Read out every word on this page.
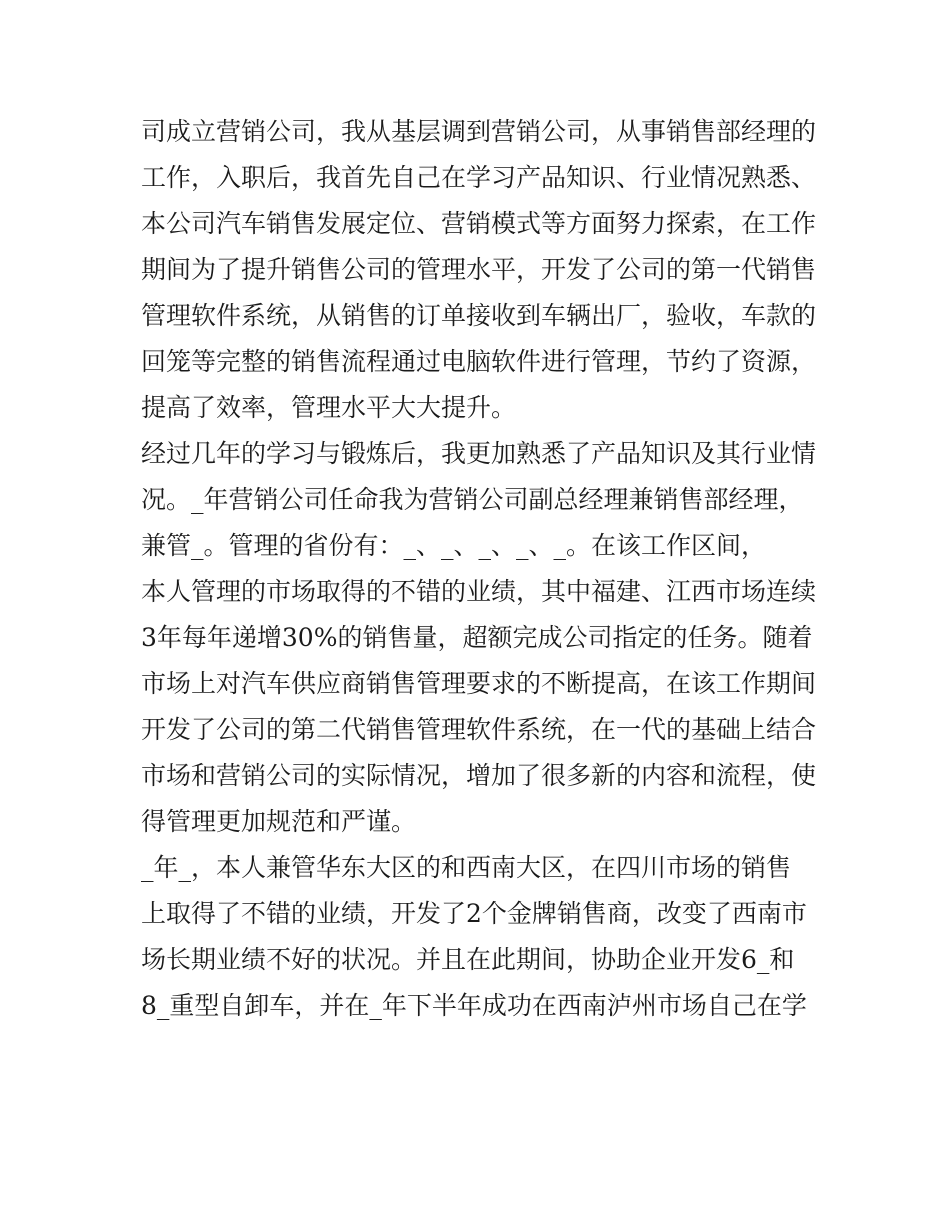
司成立营销公司，我从基层调到营销公司，从事销售部经理的
工作，入职后，我首先自己在学习产品知识、行业情况熟悉、
本公司汽车销售发展定位、营销模式等方面努力探索，在工作
期间为了提升销售公司的管理水平，开发了公司的第一代销售
管理软件系统，从销售的订单接收到车辆出厂，验收，车款的
回笼等完整的销售流程通过电脑软件进行管理，节约了资源，
提高了效率，管理水平大大提升。
经过几年的学习与锻炼后，我更加熟悉了产品知识及其行业情
况。_年营销公司任命我为营销公司副总经理兼销售部经理，
兼管_。管理的省份有：_、_、_、_、_。在该工作区间，
本人管理的市场取得的不错的业绩，其中福建、江西市场连续
3年每年递增30%的销售量，超额完成公司指定的任务。随着
市场上对汽车供应商销售管理要求的不断提高，在该工作期间
开发了公司的第二代销售管理软件系统，在一代的基础上结合
市场和营销公司的实际情况，增加了很多新的内容和流程，使
得管理更加规范和严谨。
_年_，本人兼管华东大区的和西南大区，在四川市场的销售
上取得了不错的业绩，开发了2个金牌销售商，改变了西南市
场长期业绩不好的状况。并且在此期间，协助企业开发6_和
8_重型自卸车，并在_年下半年成功在西南泸州市场自己在学
